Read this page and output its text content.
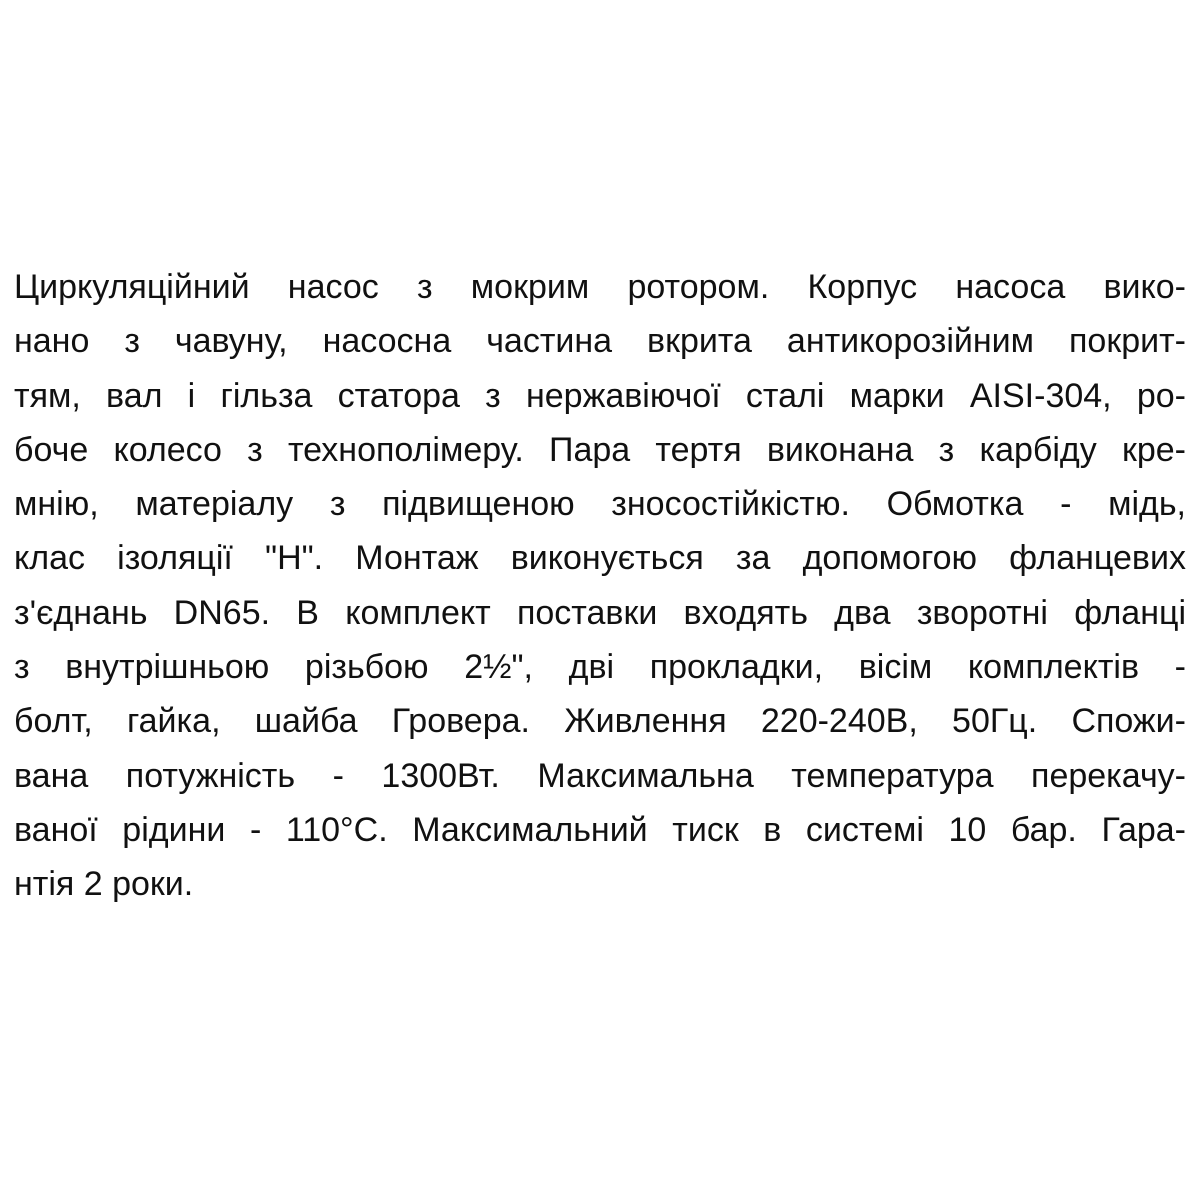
Циркуляційний насос з мокрим ротором. Корпус насоса вико-
нано з чавуну, насосна частина вкрита антикорозійним покрит-
тям, вал і гільза статора з нержавіючої сталі марки AISI-304, ро-
боче колесо з технополімеру. Пара тертя виконана з карбіду кре-
мнію, матеріалу з підвищеною зносостійкістю. Обмотка - мідь,
клас ізоляції "H". Монтаж виконується за допомогою фланцевих
з'єднань DN65. В комплект поставки входять два зворотні фланці
з внутрішньою різьбою 2½", дві прокладки, вісім комплектів -
болт, гайка, шайба Гровера. Живлення 220-240В, 50Гц. Спожи-
вана потужність - 1300Вт. Максимальна температура перекачу-
ваної рідини - 110°С. Максимальний тиск в системі 10 бар. Гара-
нтія 2 роки.
